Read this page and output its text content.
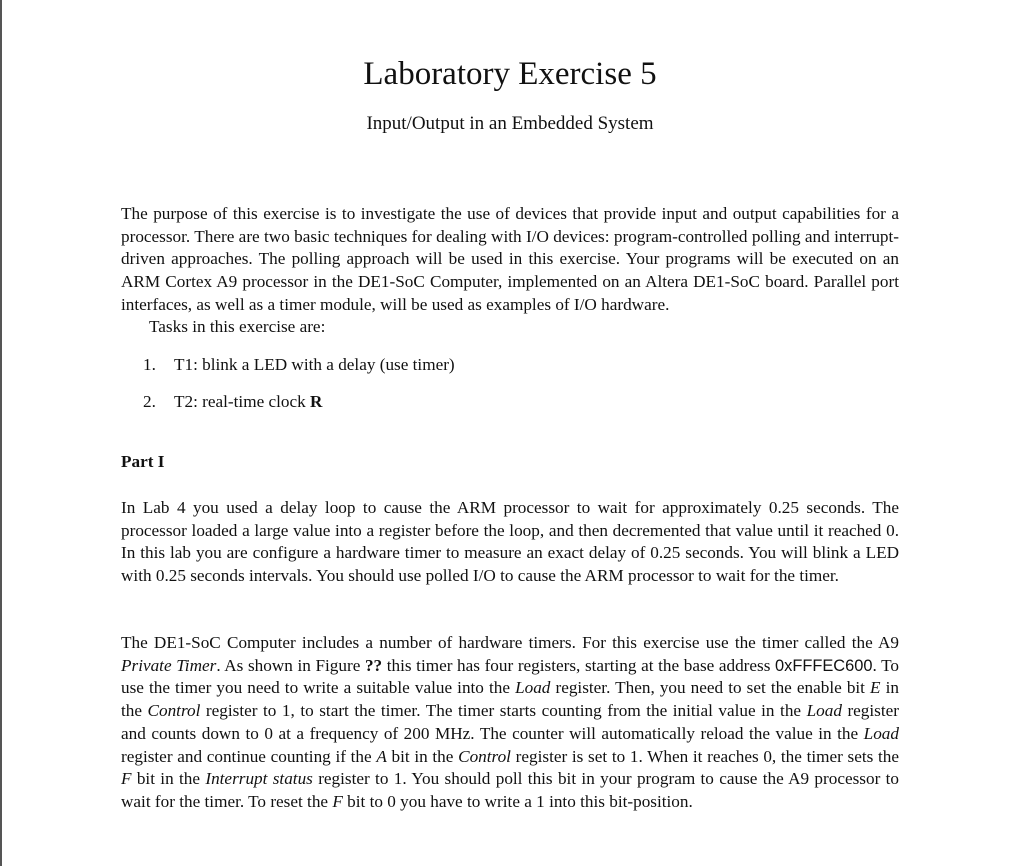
Laboratory Exercise 5

Input/Output in an Embedded System

The purpose of this exercise is to investigate the use of devices that provide input and output capabilities for a processor. There are two basic techniques for dealing with I/O devices: program-controlled polling and interrupt-driven approaches. The polling approach will be used in this exercise. Your programs will be executed on an ARM Cortex A9 processor in the DE1-SoC Computer, implemented on an Altera DE1-SoC board. Parallel port interfaces, as well as a timer module, will be used as examples of I/O hardware.

Tasks in this exercise are:

1. T1: blink a LED with a delay (use timer)

2. T2: real-time clock R

Part I

In Lab 4 you used a delay loop to cause the ARM processor to wait for approximately 0.25 seconds. The processor loaded a large value into a register before the loop, and then decremented that value until it reached 0. In this lab you are configure a hardware timer to measure an exact delay of 0.25 seconds. You will blink a LED with 0.25 seconds intervals. You should use polled I/O to cause the ARM processor to wait for the timer.

The DE1-SoC Computer includes a number of hardware timers. For this exercise use the timer called the A9 Private Timer. As shown in Figure ?? this timer has four registers, starting at the base address 0xFFFEC600. To use the timer you need to write a suitable value into the Load register. Then, you need to set the enable bit E in the Control register to 1, to start the timer. The timer starts counting from the initial value in the Load register and counts down to 0 at a frequency of 200 MHz. The counter will automatically reload the value in the Load register and continue counting if the A bit in the Control register is set to 1. When it reaches 0, the timer sets the F bit in the Interrupt status register to 1. You should poll this bit in your program to cause the A9 processor to wait for the timer. To reset the F bit to 0 you have to write a 1 into this bit-position.
